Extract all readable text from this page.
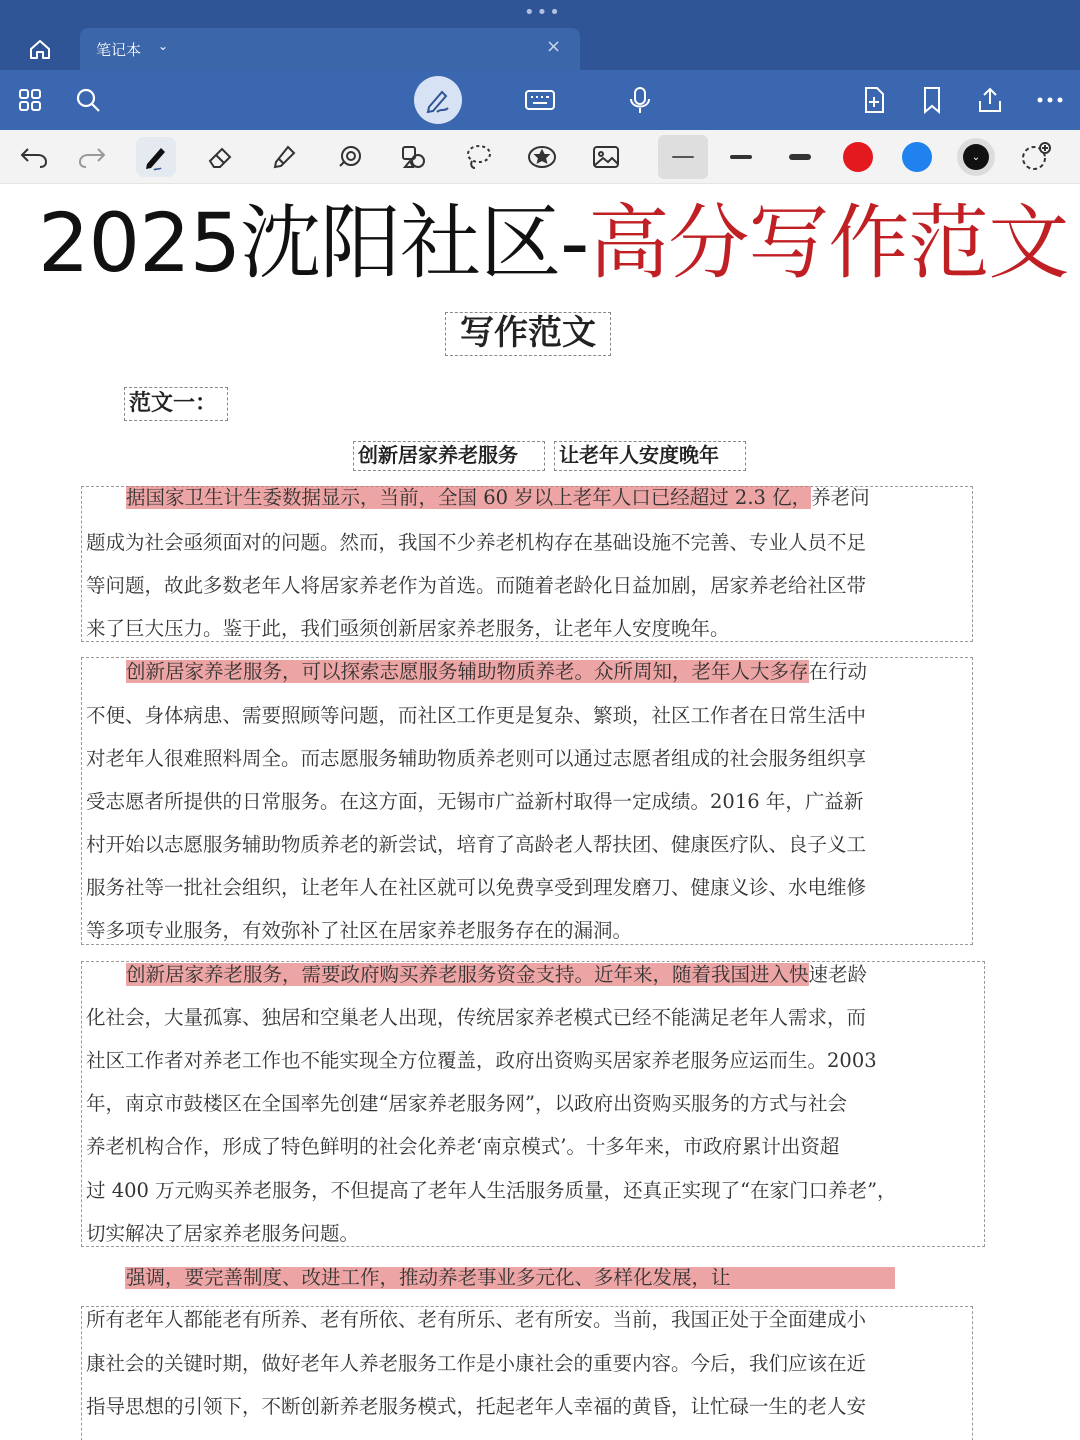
•••
笔记本 ⌄	×
⌄
2025沈阳社区-高分写作范文
写作范文
范文一：
创新居家养老服务	让老年人安度晚年
据国家卫生计生委数据显示，当前，全国 60 岁以上老年人口已经超过 2.3 亿，养老问
题成为社会亟须面对的问题。然而，我国不少养老机构存在基础设施不完善、专业人员不足
等问题，故此多数老年人将居家养老作为首选。而随着老龄化日益加剧，居家养老给社区带
来了巨大压力。鉴于此，我们亟须创新居家养老服务，让老年人安度晚年。
创新居家养老服务，可以探索志愿服务辅助物质养老。众所周知，老年人大多存在行动
不便、身体病患、需要照顾等问题，而社区工作更是复杂、繁琐，社区工作者在日常生活中
对老年人很难照料周全。而志愿服务辅助物质养老则可以通过志愿者组成的社会服务组织享
受志愿者所提供的日常服务。在这方面，无锡市广益新村取得一定成绩。2016 年，广益新
村开始以志愿服务辅助物质养老的新尝试，培育了高龄老人帮扶团、健康医疗队、良子义工
服务社等一批社会组织，让老年人在社区就可以免费享受到理发磨刀、健康义诊、水电维修
等多项专业服务，有效弥补了社区在居家养老服务存在的漏洞。
创新居家养老服务，需要政府购买养老服务资金支持。近年来，随着我国进入快速老龄
化社会，大量孤寡、独居和空巢老人出现，传统居家养老模式已经不能满足老年人需求，而
社区工作者对养老工作也不能实现全方位覆盖，政府出资购买居家养老服务应运而生。2003
年，南京市鼓楼区在全国率先创建“居家养老服务网”，以政府出资购买服务的方式与社会
养老机构合作，形成了特色鲜明的社会化养老‘南京模式’。十多年来，市政府累计出资超
过 400 万元购买养老服务，不但提高了老年人生活服务质量，还真正实现了“在家门口养老”，
切实解决了居家养老服务问题。
强调，要完善制度、改进工作，推动养老事业多元化、多样化发展，让
所有老年人都能老有所养、老有所依、老有所乐、老有所安。当前，我国正处于全面建成小
康社会的关键时期，做好老年人养老服务工作是小康社会的重要内容。今后，我们应该在近
指导思想的引领下，不断创新养老服务模式，托起老年人幸福的黄昏，让忙碌一生的老人安
